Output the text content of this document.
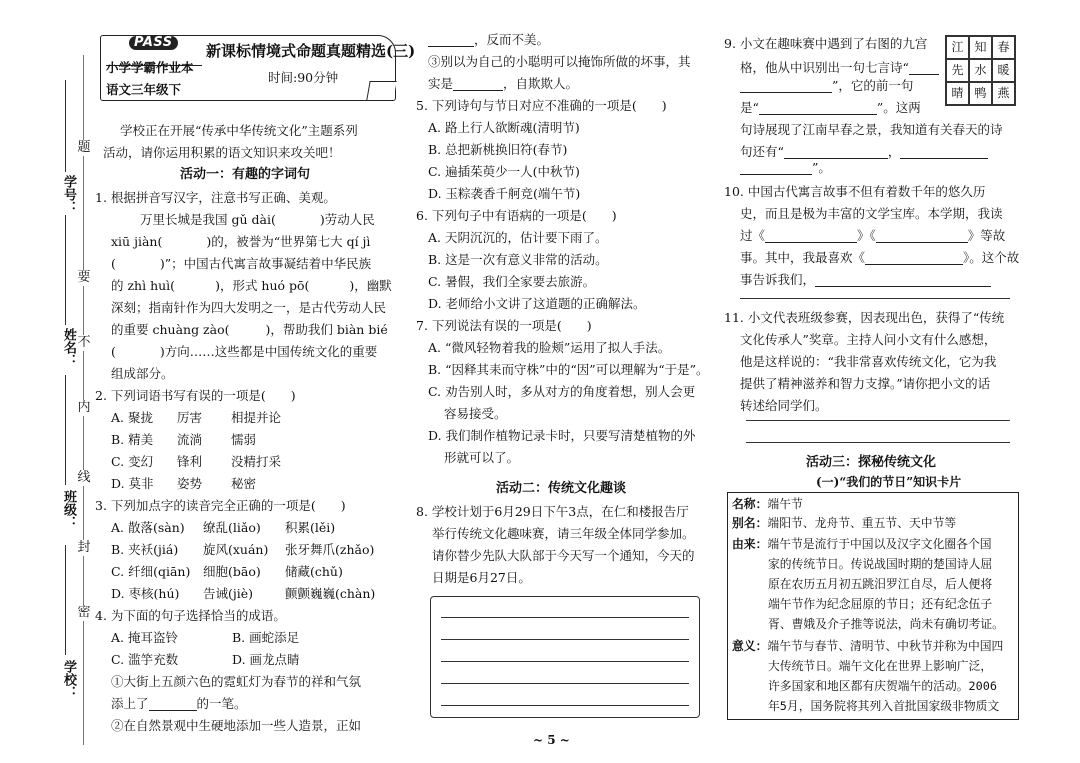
学号：
姓名：
班级：
学校：
题
要
不
内
线
封
密
PASS
小学学霸作业本
语文三年级下
新课标情境式命题真题精选(三)
时间:90分钟
学校正在开展“传承中华传统文化”主题系列
活动，请你运用积累的语文知识来攻关吧！
活动一：有趣的字词句
1. 根据拼音写汉字，注意书写正确、美观。
万里长城是我国 gǔ dài(	)劳动人民
xiū jiàn(	)的，被誉为“世界第七大 qí jì
(	)”；中国古代寓言故事凝结着中华民族
的 zhì huì(	)，形式 huó pō(	)，幽默
深刻；指南针作为四大发明之一，是古代劳动人民
的重要 chuàng zào(	)，帮助我们 biàn bié
(	)方向……这些都是中国传统文化的重要
组成部分。
2. 下列词语书写有误的一项是(　　)
A. 聚拢 厉害 相提并论
B. 精美 流淌 懦弱
C. 变幻 锋利 没精打采
D. 莫非 姿势 秘密
3. 下列加点字的读音完全正确的一项是(　　)
A. 散落(sàn) 缭乱(liǎo) 积累(lěi)
B. 夹袄(jiá) 旋风(xuán) 张牙舞爪(zhǎo)
C. 纤细(qiān) 细胞(bāo) 储藏(chǔ)
D. 枣核(hú) 告诫(jiè)	颤颤巍巍(chàn)
4. 为下面的句子选择恰当的成语。
A. 掩耳盗铃	B. 画蛇添足
C. 滥竽充数	D. 画龙点睛
①大街上五颜六色的霓虹灯为春节的祥和气氛
添上了	的一笔。
②在自然景观中生硬地添加一些人造景，正如
，反而不美。
③别以为自己的小聪明可以掩饰所做的坏事，其
实是	，自欺欺人。
5. 下列诗句与节日对应不准确的一项是(　　)
A. 路上行人欲断魂(清明节)
B. 总把新桃换旧符(春节)
C. 遍插茱萸少一人(中秋节)
D. 玉粽袭香千舸竞(端午节)
6. 下列句子中有语病的一项是(　　)
A. 天阴沉沉的，估计要下雨了。
B. 这是一次有意义非常的活动。
C. 暑假，我们全家要去旅游。
D. 老师给小文讲了这道题的正确解法。
7. 下列说法有误的一项是(　　)
A. “微风轻物着我的脸颊”运用了拟人手法。
B. “因释其耒而守株”中的“因”可以理解为“于是”。
C. 劝告别人时，多从对方的角度着想，别人会更
容易接受。
D. 我们制作植物记录卡时，只要写清楚植物的外
形就可以了。
活动二：传统文化趣谈
8. 学校计划于6月29日下午3点，在仁和楼报告厅
举行传统文化趣味赛，请三年级全体同学参加。
请你替少先队大队部于今天写一个通知，今天的
日期是6月27日。
江 知 春
先 水 暖
晴 鸭 燕
9. 小文在趣味赛中遇到了右图的九宫
格，他从中识别出一句七言诗“
”，它的前一句
是“	”。这两
句诗展现了江南早春之景，我知道有关春天的诗
句还有“	，
”。
10. 中国古代寓言故事不但有着数千年的悠久历
史，而且是极为丰富的文学宝库。本学期，我读
过《	》《	》等故
事。其中，我最喜欢《	》。这个故
事告诉我们，
11. 小文代表班级参赛，因表现出色，获得了“传统
文化传承人”奖章。主持人问小文有什么感想，
他是这样说的：“我非常喜欢传统文化，它为我
提供了精神滋养和智力支撑。”请你把小文的话
转述给同学们。
活动三：探秘传统文化
(一)“我们的节日”知识卡片
名称：端午节
别名：端阳节、龙舟节、重五节、天中节等
由来：端午节是流行于中国以及汉字文化圈各个国
家的传统节日。传说战国时期的楚国诗人屈
原在农历五月初五跳汨罗江自尽，后人便将
端午节作为纪念屈原的节日；还有纪念伍子
胥、曹娥及介子推等说法，尚未有确切考证。
意义：端午节与春节、清明节、中秋节并称为中国四
大传统节日。端午文化在世界上影响广泛，
许多国家和地区都有庆贺端午的活动。2006
年5月，国务院将其列入首批国家级非物质文
~ 5 ~
